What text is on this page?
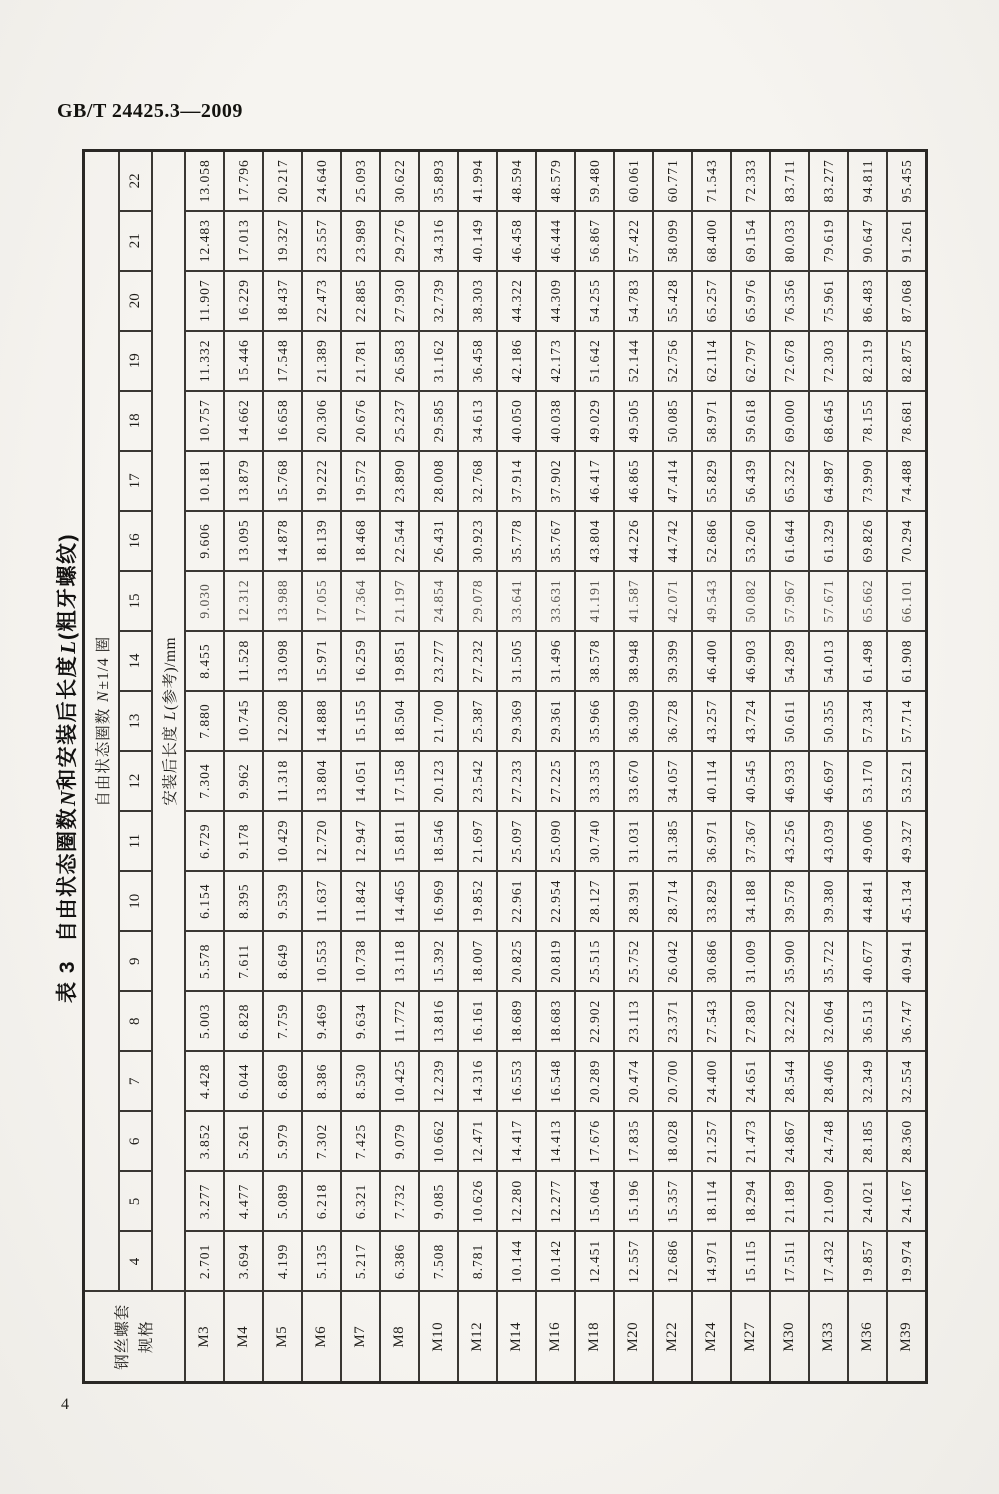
GB/T 24425.3—2009
表 3
自由状态圈数
N
和安装后长度
L
(粗牙螺纹)
钢丝螺套 规格	自由状态圈数 N±1/4 圈																		
	4	5	6	7	8	9	10	11	12	13	14	15	16	17	18	19	20	21	22
	安装后长度 L(参考)/mm																		
M3	2.701	3.277	3.852	4.428	5.003	5.578	6.154	6.729	7.304	7.880	8.455	9.030	9.606	10.181	10.757	11.332	11.907	12.483	13.058
M4	3.694	4.477	5.261	6.044	6.828	7.611	8.395	9.178	9.962	10.745	11.528	12.312	13.095	13.879	14.662	15.446	16.229	17.013	17.796
M5	4.199	5.089	5.979	6.869	7.759	8.649	9.539	10.429	11.318	12.208	13.098	13.988	14.878	15.768	16.658	17.548	18.437	19.327	20.217
M6	5.135	6.218	7.302	8.386	9.469	10.553	11.637	12.720	13.804	14.888	15.971	17.055	18.139	19.222	20.306	21.389	22.473	23.557	24.640
M7	5.217	6.321	7.425	8.530	9.634	10.738	11.842	12.947	14.051	15.155	16.259	17.364	18.468	19.572	20.676	21.781	22.885	23.989	25.093
M8	6.386	7.732	9.079	10.425	11.772	13.118	14.465	15.811	17.158	18.504	19.851	21.197	22.544	23.890	25.237	26.583	27.930	29.276	30.622
M10	7.508	9.085	10.662	12.239	13.816	15.392	16.969	18.546	20.123	21.700	23.277	24.854	26.431	28.008	29.585	31.162	32.739	34.316	35.893
M12	8.781	10.626	12.471	14.316	16.161	18.007	19.852	21.697	23.542	25.387	27.232	29.078	30.923	32.768	34.613	36.458	38.303	40.149	41.994
M14	10.144	12.280	14.417	16.553	18.689	20.825	22.961	25.097	27.233	29.369	31.505	33.641	35.778	37.914	40.050	42.186	44.322	46.458	48.594
M16	10.142	12.277	14.413	16.548	18.683	20.819	22.954	25.090	27.225	29.361	31.496	33.631	35.767	37.902	40.038	42.173	44.309	46.444	48.579
M18	12.451	15.064	17.676	20.289	22.902	25.515	28.127	30.740	33.353	35.966	38.578	41.191	43.804	46.417	49.029	51.642	54.255	56.867	59.480
M20	12.557	15.196	17.835	20.474	23.113	25.752	28.391	31.031	33.670	36.309	38.948	41.587	44.226	46.865	49.505	52.144	54.783	57.422	60.061
M22	12.686	15.357	18.028	20.700	23.371	26.042	28.714	31.385	34.057	36.728	39.399	42.071	44.742	47.414	50.085	52.756	55.428	58.099	60.771
M24	14.971	18.114	21.257	24.400	27.543	30.686	33.829	36.971	40.114	43.257	46.400	49.543	52.686	55.829	58.971	62.114	65.257	68.400	71.543
M27	15.115	18.294	21.473	24.651	27.830	31.009	34.188	37.367	40.545	43.724	46.903	50.082	53.260	56.439	59.618	62.797	65.976	69.154	72.333
M30	17.511	21.189	24.867	28.544	32.222	35.900	39.578	43.256	46.933	50.611	54.289	57.967	61.644	65.322	69.000	72.678	76.356	80.033	83.711
M33	17.432	21.090	24.748	28.406	32.064	35.722	39.380	43.039	46.697	50.355	54.013	57.671	61.329	64.987	68.645	72.303	75.961	79.619	83.277
M36	19.857	24.021	28.185	32.349	36.513	40.677	44.841	49.006	53.170	57.334	61.498	65.662	69.826	73.990	78.155	82.319	86.483	90.647	94.811
M39	19.974	24.167	28.360	32.554	36.747	40.941	45.134	49.327	53.521	57.714	61.908	66.101	70.294	74.488	78.681	82.875	87.068	91.261	95.455
4
